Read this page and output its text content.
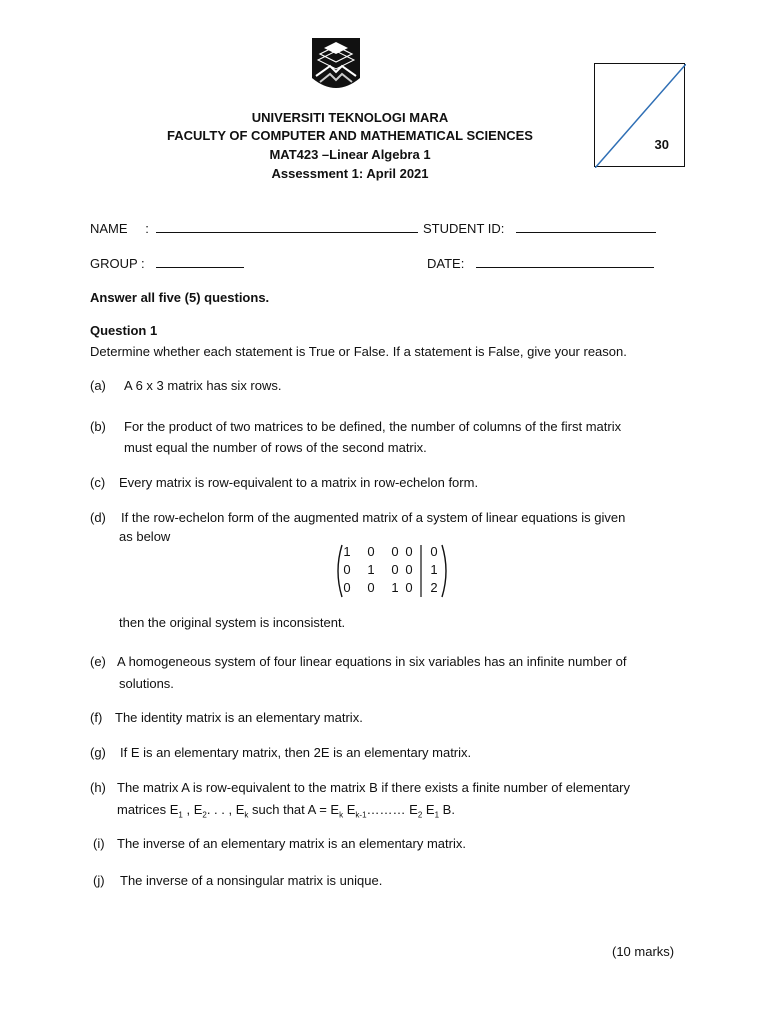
30
UNIVERSITI TEKNOLOGI MARA
FACULTY OF COMPUTER AND MATHEMATICAL SCIENCES
MAT423 –Linear Algebra 1
Assessment 1: April 2021
NAME :	STUDENT ID:
GROUP :	DATE:
Answer all five (5) questions.
Question 1
Determine whether each statement is True or False. If a statement is False, give your reason.
(a) A 6 x 3 matrix has six rows.
(b) For the product of two matrices to be defined, the number of columns of the first matrix
must equal the number of rows of the second matrix.
(c) Every matrix is row-equivalent to a matrix in row-echelon form.
(d) If the row-echelon form of the augmented matrix of a system of linear equations is given
as below
1 0 0 0 0
0 1 0 0 1
0 0 1 0 2
then the original system is inconsistent.
(e) A homogeneous system of four linear equations in six variables has an infinite number of
solutions.
(f) The identity matrix is an elementary matrix.
(g) If E is an elementary matrix, then 2E is an elementary matrix.
(h) The matrix A is row-equivalent to the matrix B if there exists a finite number of elementary
matrices $E_1$ , $E_2$. . . , $E_k$ such that $A = E_k$ $E_{k-1}\dots\dots\dots$ $E_2$ $E_1$ B.
(i) The inverse of an elementary matrix is an elementary matrix.
(j) The inverse of a nonsingular matrix is unique.
(10 marks)
